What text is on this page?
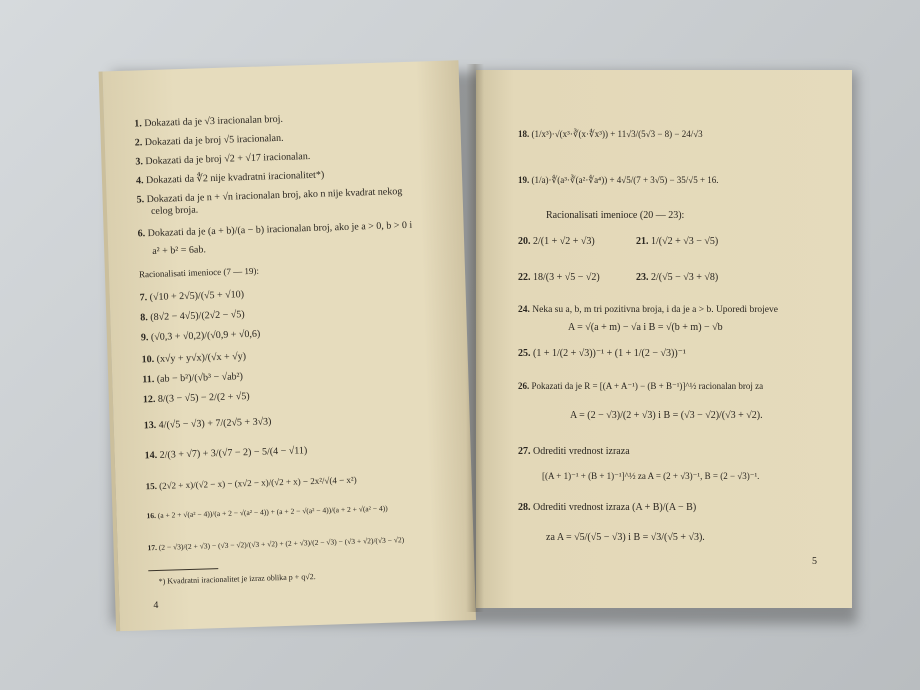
1. Dokazati da je √3 iracionalan broj.
2. Dokazati da je broj √5 iracionalan.
3. Dokazati da je broj √2 + √17 iracionalan.
4. Dokazati da ∜2 nije kvadratni iracionalitet*)
5. Dokazati da je n + √n iracionalan broj, ako n nije kvadrat nekog
celog broja.
6. Dokazati da je (a + b)/(a − b) iracionalan broj, ako je a > 0, b > 0 i
a² + b² = 6ab.
Racionalisati imenioce (7 — 19):
7. (√10 + 2√5)/(√5 + √10)
8. (8√2 − 4√5)/(2√2 − √5)
9. (√0,3 + √0,2)/(√0,9 + √0,6)
10. (x√y + y√x)/(√x + √y)
11. (ab − b²)/(√b³ − √ab²)
12. 8/(3 − √5) − 2/(2 + √5)
13. 4/(√5 − √3) + 7/(2√5 + 3√3)
14. 2/(3 + √7) + 3/(√7 − 2) − 5/(4 − √11)
15. (2√2 + x)/(√2 − x) − (x√2 − x)/(√2 + x) − 2x²/√(4 − x²)
16. (a + 2 + √(a² − 4))/(a + 2 − √(a² − 4)) + (a + 2 − √(a² − 4))/(a + 2 + √(a² − 4))
17. (2 − √3)/(2 + √3) − (√3 − √2)/(√3 + √2) + (2 + √3)/(2 − √3) − (√3 + √2)/(√3 − √2)
*) Kvadratni iracionalitet je izraz oblika p + q√2.
4
18. (1/x³)·√(x³·∛(x·∜x³)) + 11√3/(5√3 − 8) − 24/√3
19. (1/a)·∜(a³·∛(a²·∜a⁴)) + 4√5/(7 + 3√5) − 35/√5 + 16.
Racionalisati imenioce (20 — 23):
20. 2/(1 + √2 + √3)	21. 1/(√2 + √3 − √5)
22. 18/(3 + √5 − √2)	23. 2/(√5 − √3 + √8)
24. Neka su a, b, m tri pozitivna broja, i da je a > b. Uporedi brojeve
A = √(a + m) − √a i B = √(b + m) − √b
25. (1 + 1/(2 + √3))⁻¹ + (1 + 1/(2 − √3))⁻¹
26. Pokazati da je R = [(A + A⁻¹) − (B + B⁻¹)]^½ racionalan broj za
A = (2 − √3)/(2 + √3) i B = (√3 − √2)/(√3 + √2).
27. Odrediti vrednost izraza
[(A + 1)⁻¹ + (B + 1)⁻¹]^½ za A = (2 + √3)⁻¹, B = (2 − √3)⁻¹.
28. Odrediti vrednost izraza (A + B)/(A − B)
za A = √5/(√5 − √3) i B = √3/(√5 + √3).
5
